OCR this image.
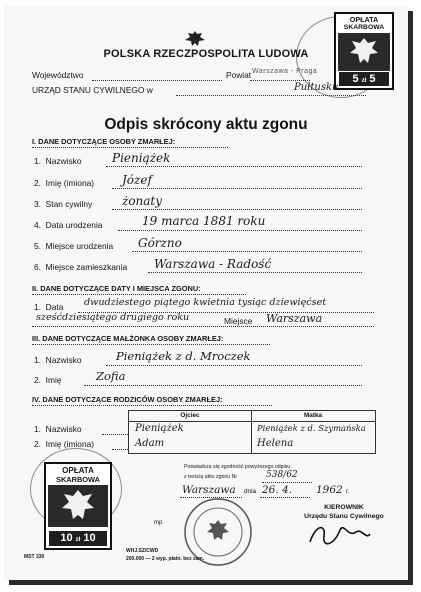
OPŁATA
SKARBOWA
5 zł 5
POLSKA RZECZPOSPOLITA LUDOWA
Województwo	Powiat Warszawa - Praga
URZĄD STANU CYWILNEGO w	Pułtusku
Odpis skrócony aktu zgonu
I. DANE DOTYCZĄCE OSOBY ZMARŁEJ:
1. Nazwisko	Pieniążek
2. Imię (imiona) Józef
3. Stan cywilny żonaty
4. Data urodzenia	19 marca 1881 roku
5. Miejsce urodzenia Górzno
6. Miejsce zamieszkania Warszawa - Radość
II. DANE DOTYCZĄCE DATY I MIEJSCA ZGONU:
1. Data dwudziestego piątego kwietnia tysiąc dziewięćset
sześćdziesiątego drugiego roku	Miejsce Warszawa
III. DANE DOTYCZĄCE MAŁŻONKA OSOBY ZMARŁEJ:
1. Nazwisko	Pieniążek z d. Mroczek
2. Imię	Zofia
IV. DANE DOTYCZĄCE RODZICÓW OSOBY ZMARŁEJ:
Ojciec	Matka
Pieniążek	Pieniążek z d. Szymańska
Adam	Helena
1. Nazwisko
2. Imię (imiona)
Poświadcza się zgodność powyższego odpisu
z treścią aktu zgonu Nr	538/62
Warszawa dnia 26. 4. 1962 r.
mp
KIEROWNIK
Urzędu Stanu Cywilnego
OPŁATA
SKARBOWA
10 zł 10
MST 330
WHJ.SZ/CWD
200.000 — 2 wyp. płatn. bez zam.
